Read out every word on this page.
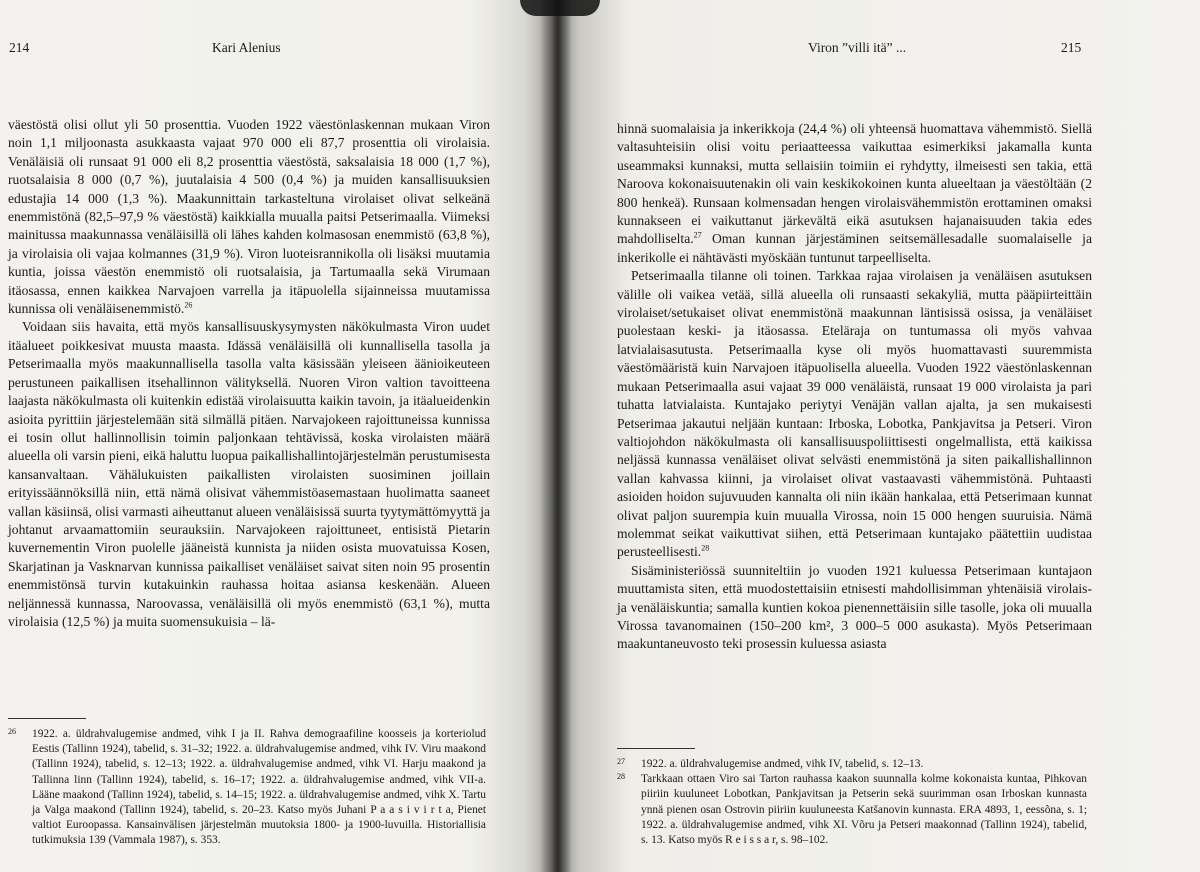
214	Kari Alenius

väestöstä olisi ollut yli 50 prosenttia. Vuoden 1922 väestönlaskennan mukaan Viron noin 1,1 miljoonasta asukkaasta vajaat 970 000 eli 87,7 prosenttia oli virolaisia. Venäläisiä oli runsaat 91 000 eli 8,2 prosenttia väestöstä, saksalaisia 18 000 (1,7 %), ruotsalaisia 8 000 (0,7 %), juutalaisia 4 500 (0,4 %) ja muiden kansallisuuksien edustajia 14 000 (1,3 %). Maakunnittain tarkasteltuna virolaiset olivat selkeänä enemmistönä (82,5–97,9 % väestöstä) kaikkialla muualla paitsi Petserimaalla. Viimeksi mainitussa maakunnassa venäläisillä oli lähes kahden kolmasosan enemmistö (63,8 %), ja virolaisia oli vajaa kolmannes (31,9 %). Viron luoteisrannikolla oli lisäksi muutamia kuntia, joissa väestön enemmistö oli ruotsalaisia, ja Tartumaalla sekä Virumaan itäosassa, ennen kaikkea Narvajoen varrella ja itäpuolella sijainneissa muutamissa kunnissa oli venäläisenemmistö.$^{26}$

Voidaan siis havaita, että myös kansallisuuskysymysten näkökulmasta Viron uudet itäalueet poikkesivat muusta maasta. Idässä venäläisillä oli kunnallisella tasolla ja Petserimaalla myös maakunnallisella tasolla valta käsissään yleiseen äänioikeuteen perustuneen paikallisen itsehallinnon välityksellä. Nuoren Viron valtion tavoitteena laajasta näkökulmasta oli kuitenkin edistää virolaisuutta kaikin tavoin, ja itäalueidenkin asioita pyrittiin järjestelemään sitä silmällä pitäen. Narvajokeen rajoittuneissa kunnissa ei tosin ollut hallinnollisin toimin paljonkaan tehtävissä, koska virolaisten määrä alueella oli varsin pieni, eikä haluttu luopua paikallishallintojärjestelmän perustumisesta kansanvaltaan. Vähälukuisten paikallisten virolaisten suosiminen joillain erityissäännöksillä niin, että nämä olisivat vähemmistöasemastaan huolimatta saaneet vallan käsiinsä, olisi varmasti aiheuttanut alueen venäläisissä suurta tyytymättömyyttä ja johtanut arvaamattomiin seurauksiin. Narvajokeen rajoittuneet, entisistä Pietarin kuvernementin Viron puolelle jääneistä kunnista ja niiden osista muovatuissa Kosen, Skarjatinan ja Vasknarvan kunnissa paikalliset venäläiset saivat siten noin 95 prosentin enemmistönsä turvin kutakuinkin rauhassa hoitaa asiansa keskenään. Alueen neljännessä kunnassa, Naroovassa, venäläisillä oli myös enemmistö (63,1 %), mutta virolaisia (12,5 %) ja muita suomensukuisia – lä-

26	1922. a. üldrahvalugemise andmed, vihk I ja II. Rahva demograafiline koosseis ja korteriolud Eestis (Tallinn 1924), tabelid, s. 31–32; 1922. a. üldrahvalugemise andmed, vihk IV. Viru maakond (Tallinn 1924), tabelid, s. 12–13; 1922. a. üldrahvalugemise andmed, vihk VI. Harju maakond ja Tallinna linn (Tallinn 1924), tabelid, s. 16–17; 1922. a. üldrahvalugemise andmed, vihk VII-a. Lääne maakond (Tallinn 1924), tabelid, s. 14–15; 1922. a. üldrahvalugemise andmed, vihk X. Tartu ja Valga maakond (Tallinn 1924), tabelid, s. 20–23. Katso myös Juhani P a a s i v i r t a, Pienet valtiot Euroopassa. Kansainvälisen järjestelmän muutoksia 1800- ja 1900-luvuilla. Historiallisia tutkimuksia 139 (Vammala 1987), s. 353.

Viron ”villi itä” ...	215

hinnä suomalaisia ja inkerikkoja (24,4 %) oli yhteensä huomattava vähemmistö. Siellä valtasuhteisiin olisi voitu periaatteessa vaikuttaa esimerkiksi jakamalla kunta useammaksi kunnaksi, mutta sellaisiin toimiin ei ryhdytty, ilmeisesti sen takia, että Naroova kokonaisuutenakin oli vain keskikokoinen kunta alueeltaan ja väestöltään (2 800 henkeä). Runsaan kolmensadan hengen virolaisvähemmistön erottaminen omaksi kunnakseen ei vaikuttanut järkevältä eikä asutuksen hajanaisuuden takia edes mahdolliselta.$^{27}$ Oman kunnan järjestäminen seitsemällesadalle suomalaiselle ja inkerikolle ei nähtävästi myöskään tuntunut tarpeelliselta.

Petserimaalla tilanne oli toinen. Tarkkaa rajaa virolaisen ja venäläisen asutuksen välille oli vaikea vetää, sillä alueella oli runsaasti sekakyliä, mutta pääpiirteittäin virolaiset/setukaiset olivat enemmistönä maakunnan läntisissä osissa, ja venäläiset puolestaan keski- ja itäosassa. Eteläraja on tuntumassa oli myös vahvaa latvialaisasutusta. Petserimaalla kyse oli myös huomattavasti suuremmista väestömääristä kuin Narvajoen itäpuolisella alueella. Vuoden 1922 väestönlaskennan mukaan Petserimaalla asui vajaat 39 000 venäläistä, runsaat 19 000 virolaista ja pari tuhatta latvialaista. Kuntajako periytyi Venäjän vallan ajalta, ja sen mukaisesti Petserimaa jakautui neljään kuntaan: Irboska, Lobotka, Pankjavitsa ja Petseri. Viron valtiojohdon näkökulmasta oli kansallisuuspoliittisesti ongelmallista, että kaikissa neljässä kunnassa venäläiset olivat selvästi enemmistönä ja siten paikallishallinnon vallan kahvassa kiinni, ja virolaiset olivat vastaavasti vähemmistönä. Puhtaasti asioiden hoidon sujuvuuden kannalta oli niin ikään hankalaa, että Petserimaan kunnat olivat paljon suurempia kuin muualla Virossa, noin 15 000 hengen suuruisia. Nämä molemmat seikat vaikuttivat siihen, että Petserimaan kuntajako päätettiin uudistaa perusteellisesti.$^{28}$

Sisäministeriössä suunniteltiin jo vuoden 1921 kuluessa Petserimaan kuntajaon muuttamista siten, että muodostettaisiin etnisesti mahdollisimman yhtenäisiä virolais- ja venäläiskuntia; samalla kuntien kokoa pienennettäisiin sille tasolle, joka oli muualla Virossa tavanomainen (150–200 km², 3 000–5 000 asukasta). Myös Petserimaan maakuntaneuvosto teki prosessin kuluessa asiasta

27	1922. a. üldrahvalugemise andmed, vihk IV, tabelid, s. 12–13.

28	Tarkkaan ottaen Viro sai Tarton rauhassa kaakon suunnalla kolme kokonaista kuntaa, Pihkovan piiriin kuuluneet Lobotkan, Pankjavitsan ja Petserin sekä suurimman osan Irboskan kunnasta ynnä pienen osan Ostrovin piiriin kuuluneesta Katšanovin kunnasta. ERA 4893, 1, eessõna, s. 1; 1922. a. üldrahvalugemise andmed, vihk XI. Võru ja Petseri maakonnad (Tallinn 1924), tabelid, s. 13. Katso myös R e i s s a r, s. 98–102.
